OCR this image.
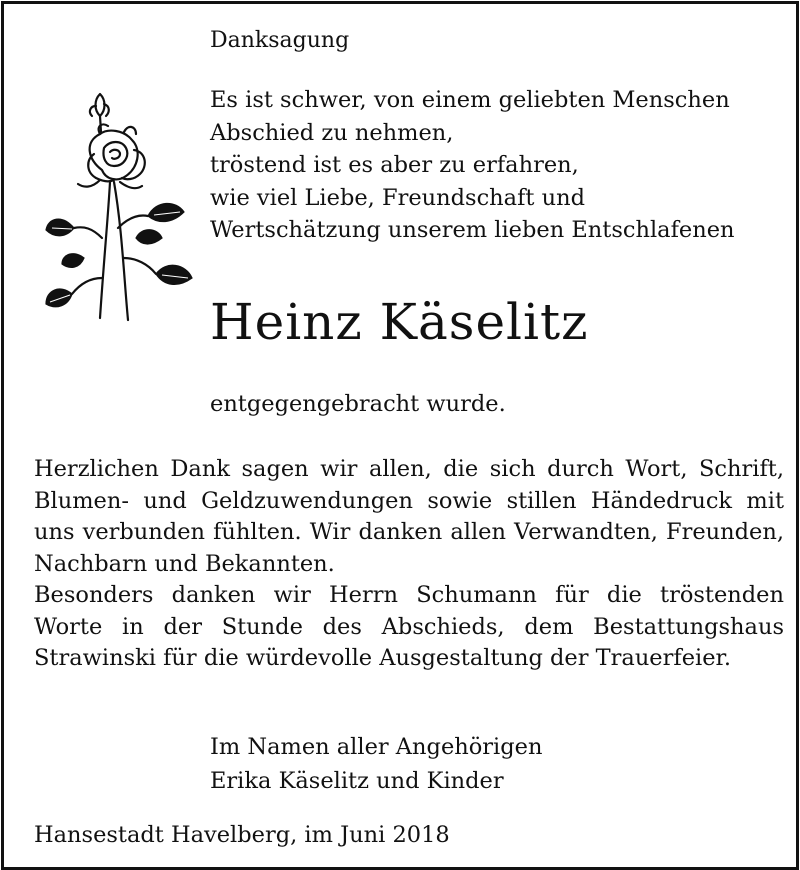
Danksagung
Es ist schwer, von einem geliebten Menschen
Abschied zu nehmen,
tröstend ist es aber zu erfahren,
wie viel Liebe, Freundschaft und
Wertschätzung unserem lieben Entschlafenen
Heinz Käselitz
entgegengebracht wurde.
Herzlichen Dank sagen wir allen, die sich durch Wort, Schrift,
Blumen- und Geldzuwendungen sowie stillen Händedruck mit
uns verbunden fühlten. Wir danken allen Verwandten, Freunden,
Nachbarn und Bekannten.
Besonders danken wir Herrn Schumann für die tröstenden
Worte in der Stunde des Abschieds, dem Bestattungshaus
Strawinski für die würdevolle Ausgestaltung der Trauerfeier.
Im Namen aller Angehörigen
Erika Käselitz und Kinder
Hansestadt Havelberg, im Juni 2018
